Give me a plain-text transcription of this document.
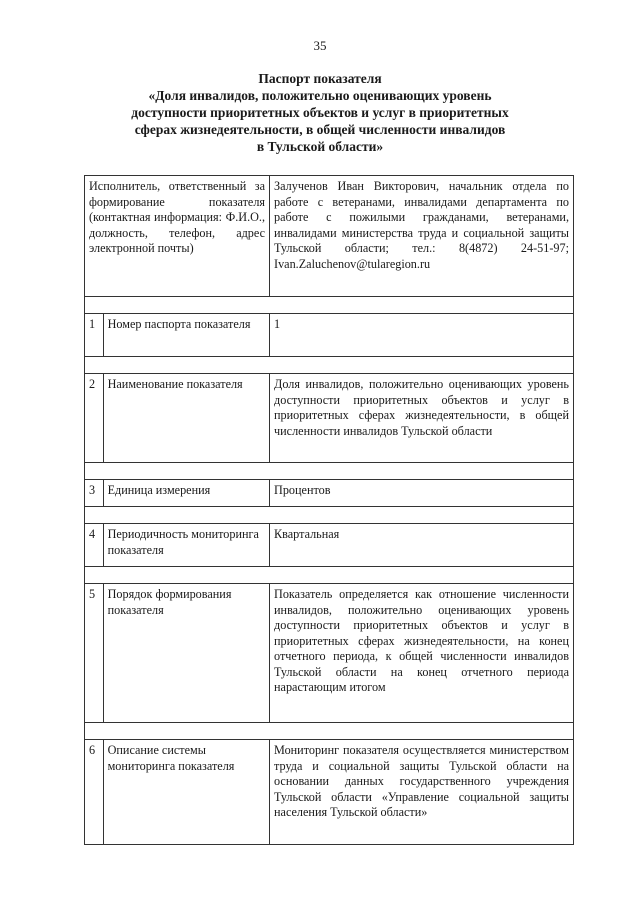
35
Паспорт показателя
«Доля инвалидов, положительно оценивающих уровень
доступности приоритетных объектов и услуг в приоритетных
сферах жизнедеятельности, в общей численности инвалидов
в Тульской области»
Исполнитель, ответственный за формирование показателя (контактная информация: Ф.И.О., должность, телефон, адрес электронной почты)		Залученов Иван Викторович, начальник отдела по работе с ветеранами, инвалидами департамента по работе с пожилыми гражданами, ветеранами, инвалидами министерства труда и социальной защиты Тульской области; тел.: 8(4872) 24-51-97; Ivan.Zaluchenov@tularegion.ru

1	Номер паспорта показателя	1

2	Наименование показателя	Доля инвалидов, положительно оценивающих уровень доступности приоритетных объектов и услуг в приоритетных сферах жизнедеятельности, в общей численности инвалидов Тульской области

3	Единица измерения	Процентов

4	Периодичность мониторинга показателя	Квартальная

5	Порядок формирования показателя	Показатель определяется как отношение численности инвалидов, положительно оценивающих уровень доступности приоритетных объектов и услуг в приоритетных сферах жизнедеятельности, на конец отчетного периода, к общей численности инвалидов Тульской области на конец отчетного периода нарастающим итогом

6	Описание системы мониторинга показателя	Мониторинг показателя осуществляется министерством труда и социальной защиты Тульской области на основании данных государственного учреждения Тульской области «Управление социальной защиты населения Тульской области»
